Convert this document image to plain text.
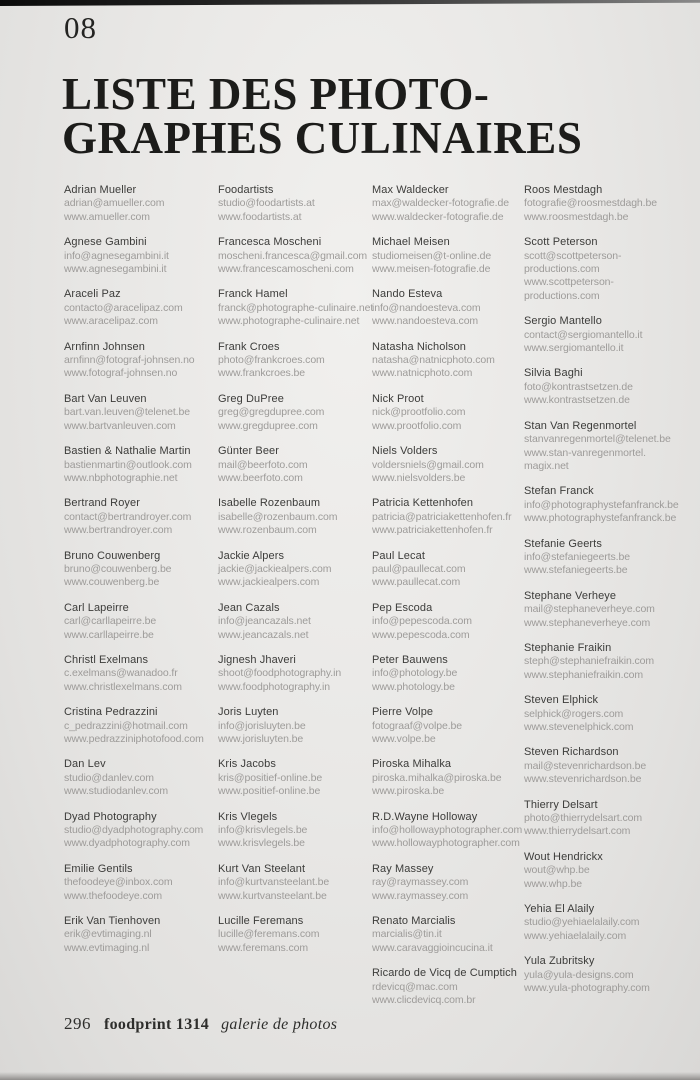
08
LISTE DES PHOTO-
GRAPHES CULINAIRES
Adrian Mueller
adrian@amueller.com
www.amueller.com
Agnese Gambini
info@agnesegambini.it
www.agnesegambini.it
Araceli Paz
contacto@aracelipaz.com
www.aracelipaz.com
Arnfinn Johnsen
arnfinn@fotograf-johnsen.no
www.fotograf-johnsen.no
Bart Van Leuven
bart.van.leuven@telenet.be
www.bartvanleuven.com
Bastien & Nathalie Martin
bastienmartin@outlook.com
www.nbphotographie.net
Bertrand Royer
contact@bertrandroyer.com
www.bertrandroyer.com
Bruno Couwenberg
bruno@couwenberg.be
www.couwenberg.be
Carl Lapeirre
carl@carllapeirre.be
www.carllapeirre.be
Christl Exelmans
c.exelmans@wanadoo.fr
www.christlexelmans.com
Cristina Pedrazzini
c_pedrazzini@hotmail.com
www.pedrazziniphotofood.com
Dan Lev
studio@danlev.com
www.studiodanlev.com
Dyad Photography
studio@dyadphotography.com
www.dyadphotography.com
Emilie Gentils
thefoodeye@inbox.com
www.thefoodeye.com
Erik Van Tienhoven
erik@evtimaging.nl
www.evtimaging.nl
Foodartists
studio@foodartists.at
www.foodartists.at
Francesca Moscheni
moscheni.francesca@gmail.com
www.francescamoscheni.com
Franck Hamel
franck@photographe-culinaire.net
www.photographe-culinaire.net
Frank Croes
photo@frankcroes.com
www.frankcroes.be
Greg DuPree
greg@gregdupree.com
www.gregdupree.com
Günter Beer
mail@beerfoto.com
www.beerfoto.com
Isabelle Rozenbaum
isabelle@rozenbaum.com
www.rozenbaum.com
Jackie Alpers
jackie@jackiealpers.com
www.jackiealpers.com
Jean Cazals
info@jeancazals.net
www.jeancazals.net
Jignesh Jhaveri
shoot@foodphotography.in
www.foodphotography.in
Joris Luyten
info@jorisluyten.be
www.jorisluyten.be
Kris Jacobs
kris@positief-online.be
www.positief-online.be
Kris Vlegels
info@krisvlegels.be
www.krisvlegels.be
Kurt Van Steelant
info@kurtvansteelant.be
www.kurtvansteelant.be
Lucille Feremans
lucille@feremans.com
www.feremans.com
Max Waldecker
max@waldecker-fotografie.de
www.waldecker-fotografie.de
Michael Meisen
studiomeisen@t-online.de
www.meisen-fotografie.de
Nando Esteva
info@nandoesteva.com
www.nandoesteva.com
Natasha Nicholson
natasha@natnicphoto.com
www.natnicphoto.com
Nick Proot
nick@prootfolio.com
www.prootfolio.com
Niels Volders
voldersniels@gmail.com
www.nielsvolders.be
Patricia Kettenhofen
patricia@patriciakettenhofen.fr
www.patriciakettenhofen.fr
Paul Lecat
paul@paullecat.com
www.paullecat.com
Pep Escoda
info@pepescoda.com
www.pepescoda.com
Peter Bauwens
info@photology.be
www.photology.be
Pierre Volpe
fotograaf@volpe.be
www.volpe.be
Piroska Mihalka
piroska.mihalka@piroska.be
www.piroska.be
R.D.Wayne Holloway
info@hollowayphotographer.com
www.hollowayphotographer.com
Ray Massey
ray@raymassey.com
www.raymassey.com
Renato Marcialis
marcialis@tin.it
www.caravaggioincucina.it
Ricardo de Vicq de Cumptich
rdevicq@mac.com
www.clicdevicq.com.br
Roos Mestdagh
fotografie@roosmestdagh.be
www.roosmestdagh.be
Scott Peterson
scott@scottpeterson-
productions.com
www.scottpeterson-
productions.com
Sergio Mantello
contact@sergiomantello.it
www.sergiomantello.it
Silvia Baghi
foto@kontrastsetzen.de
www.kontrastsetzen.de
Stan Van Regenmortel
stanvanregenmortel@telenet.be
www.stan-vanregenmortel.
magix.net
Stefan Franck
info@photographystefanfranck.be
www.photographystefanfranck.be
Stefanie Geerts
info@stefaniegeerts.be
www.stefaniegeerts.be
Stephane Verheye
mail@stephaneverheye.com
www.stephaneverheye.com
Stephanie Fraikin
steph@stephaniefraikin.com
www.stephaniefraikin.com
Steven Elphick
selphick@rogers.com
www.stevenelphick.com
Steven Richardson
mail@stevenrichardson.be
www.stevenrichardson.be
Thierry Delsart
photo@thierrydelsart.com
www.thierrydelsart.com
Wout Hendrickx
wout@whp.be
www.whp.be
Yehia El Alaily
studio@yehiaelalaily.com
www.yehiaelalaily.com
Yula Zubritsky
yula@yula-designs.com
www.yula-photography.com
296 foodprint 1314 galerie de photos
